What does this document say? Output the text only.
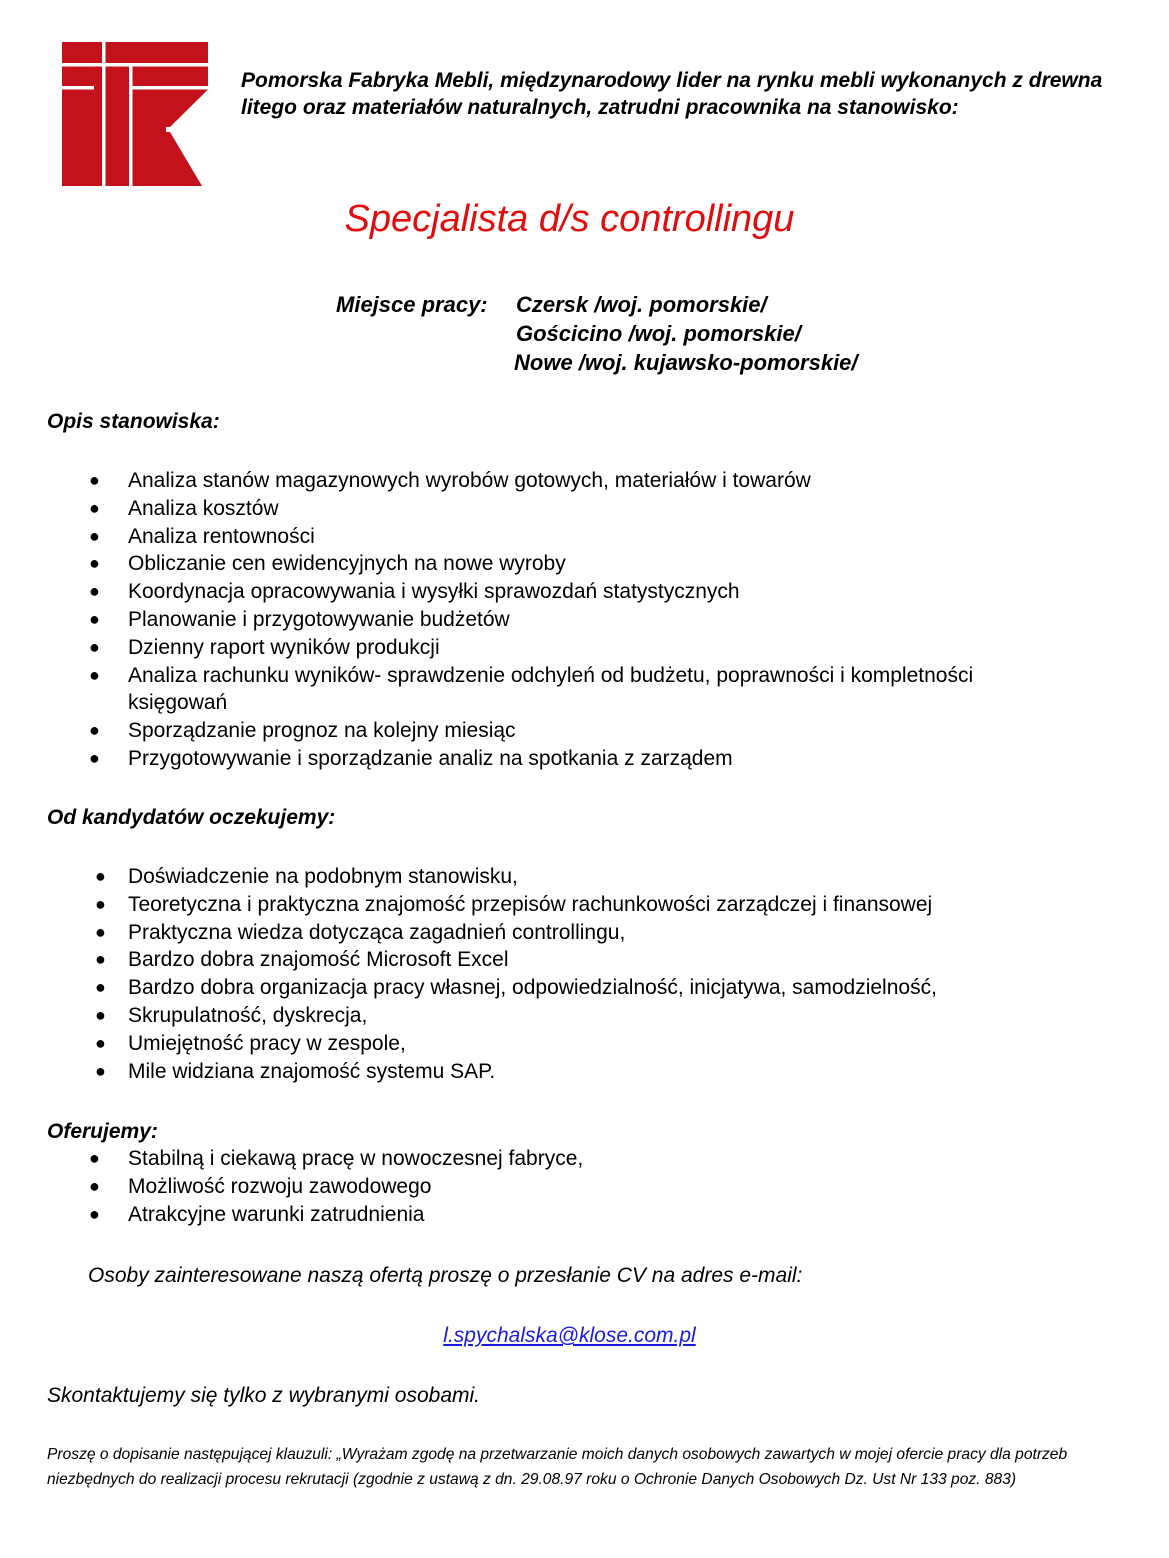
Pomorska Fabryka Mebli, międzynarodowy lider na rynku mebli wykonanych z drewna litego oraz materiałów naturalnych, zatrudni pracownika na stanowisko:

Specjalista d/s controllingu
Miejsce pracy: Czersk /woj. pomorskie/
Gościcino /woj. pomorskie/
Nowe /woj. kujawsko-pomorskie/
Opis stanowiska:
● Analiza stanów magazynowych wyrobów gotowych, materiałów i towarów
● Analiza kosztów
● Analiza rentowności
● Obliczanie cen ewidencyjnych na nowe wyroby
● Koordynacja opracowywania i wysyłki sprawozdań statystycznych
● Planowanie i przygotowywanie budżetów
● Dzienny raport wyników produkcji
● Analiza rachunku wyników- sprawdzenie odchyleń od budżetu, poprawności i kompletności księgowań
● Sporządzanie prognoz na kolejny miesiąc
● Przygotowywanie i sporządzanie analiz na spotkania z zarządem
Od kandydatów oczekujemy:
● Doświadczenie na podobnym stanowisku,
● Teoretyczna i praktyczna znajomość przepisów rachunkowości zarządczej i finansowej
● Praktyczna wiedza dotycząca zagadnień controllingu,
● Bardzo dobra znajomość Microsoft Excel
● Bardzo dobra organizacja pracy własnej, odpowiedzialność, inicjatywa, samodzielność,
● Skrupulatność, dyskrecja,
● Umiejętność pracy w zespole,
● Mile widziana znajomość systemu SAP.
Oferujemy:
● Stabilną i ciekawą pracę w nowoczesnej fabryce,
● Możliwość rozwoju zawodowego
● Atrakcyjne warunki zatrudnienia

Osoby zainteresowane naszą ofertą proszę o przesłanie CV na adres e-mail:

l.spychalska@klose.com.pl

Skontaktujemy się tylko z wybranymi osobami.

Proszę o dopisanie następującej klauzuli: „Wyrażam zgodę na przetwarzanie moich danych osobowych zawartych w mojej ofercie pracy dla potrzeb niezbędnych do realizacji procesu rekrutacji (zgodnie z ustawą z dn. 29.08.97 roku o Ochronie Danych Osobowych Dz. Ust Nr 133 poz. 883)
